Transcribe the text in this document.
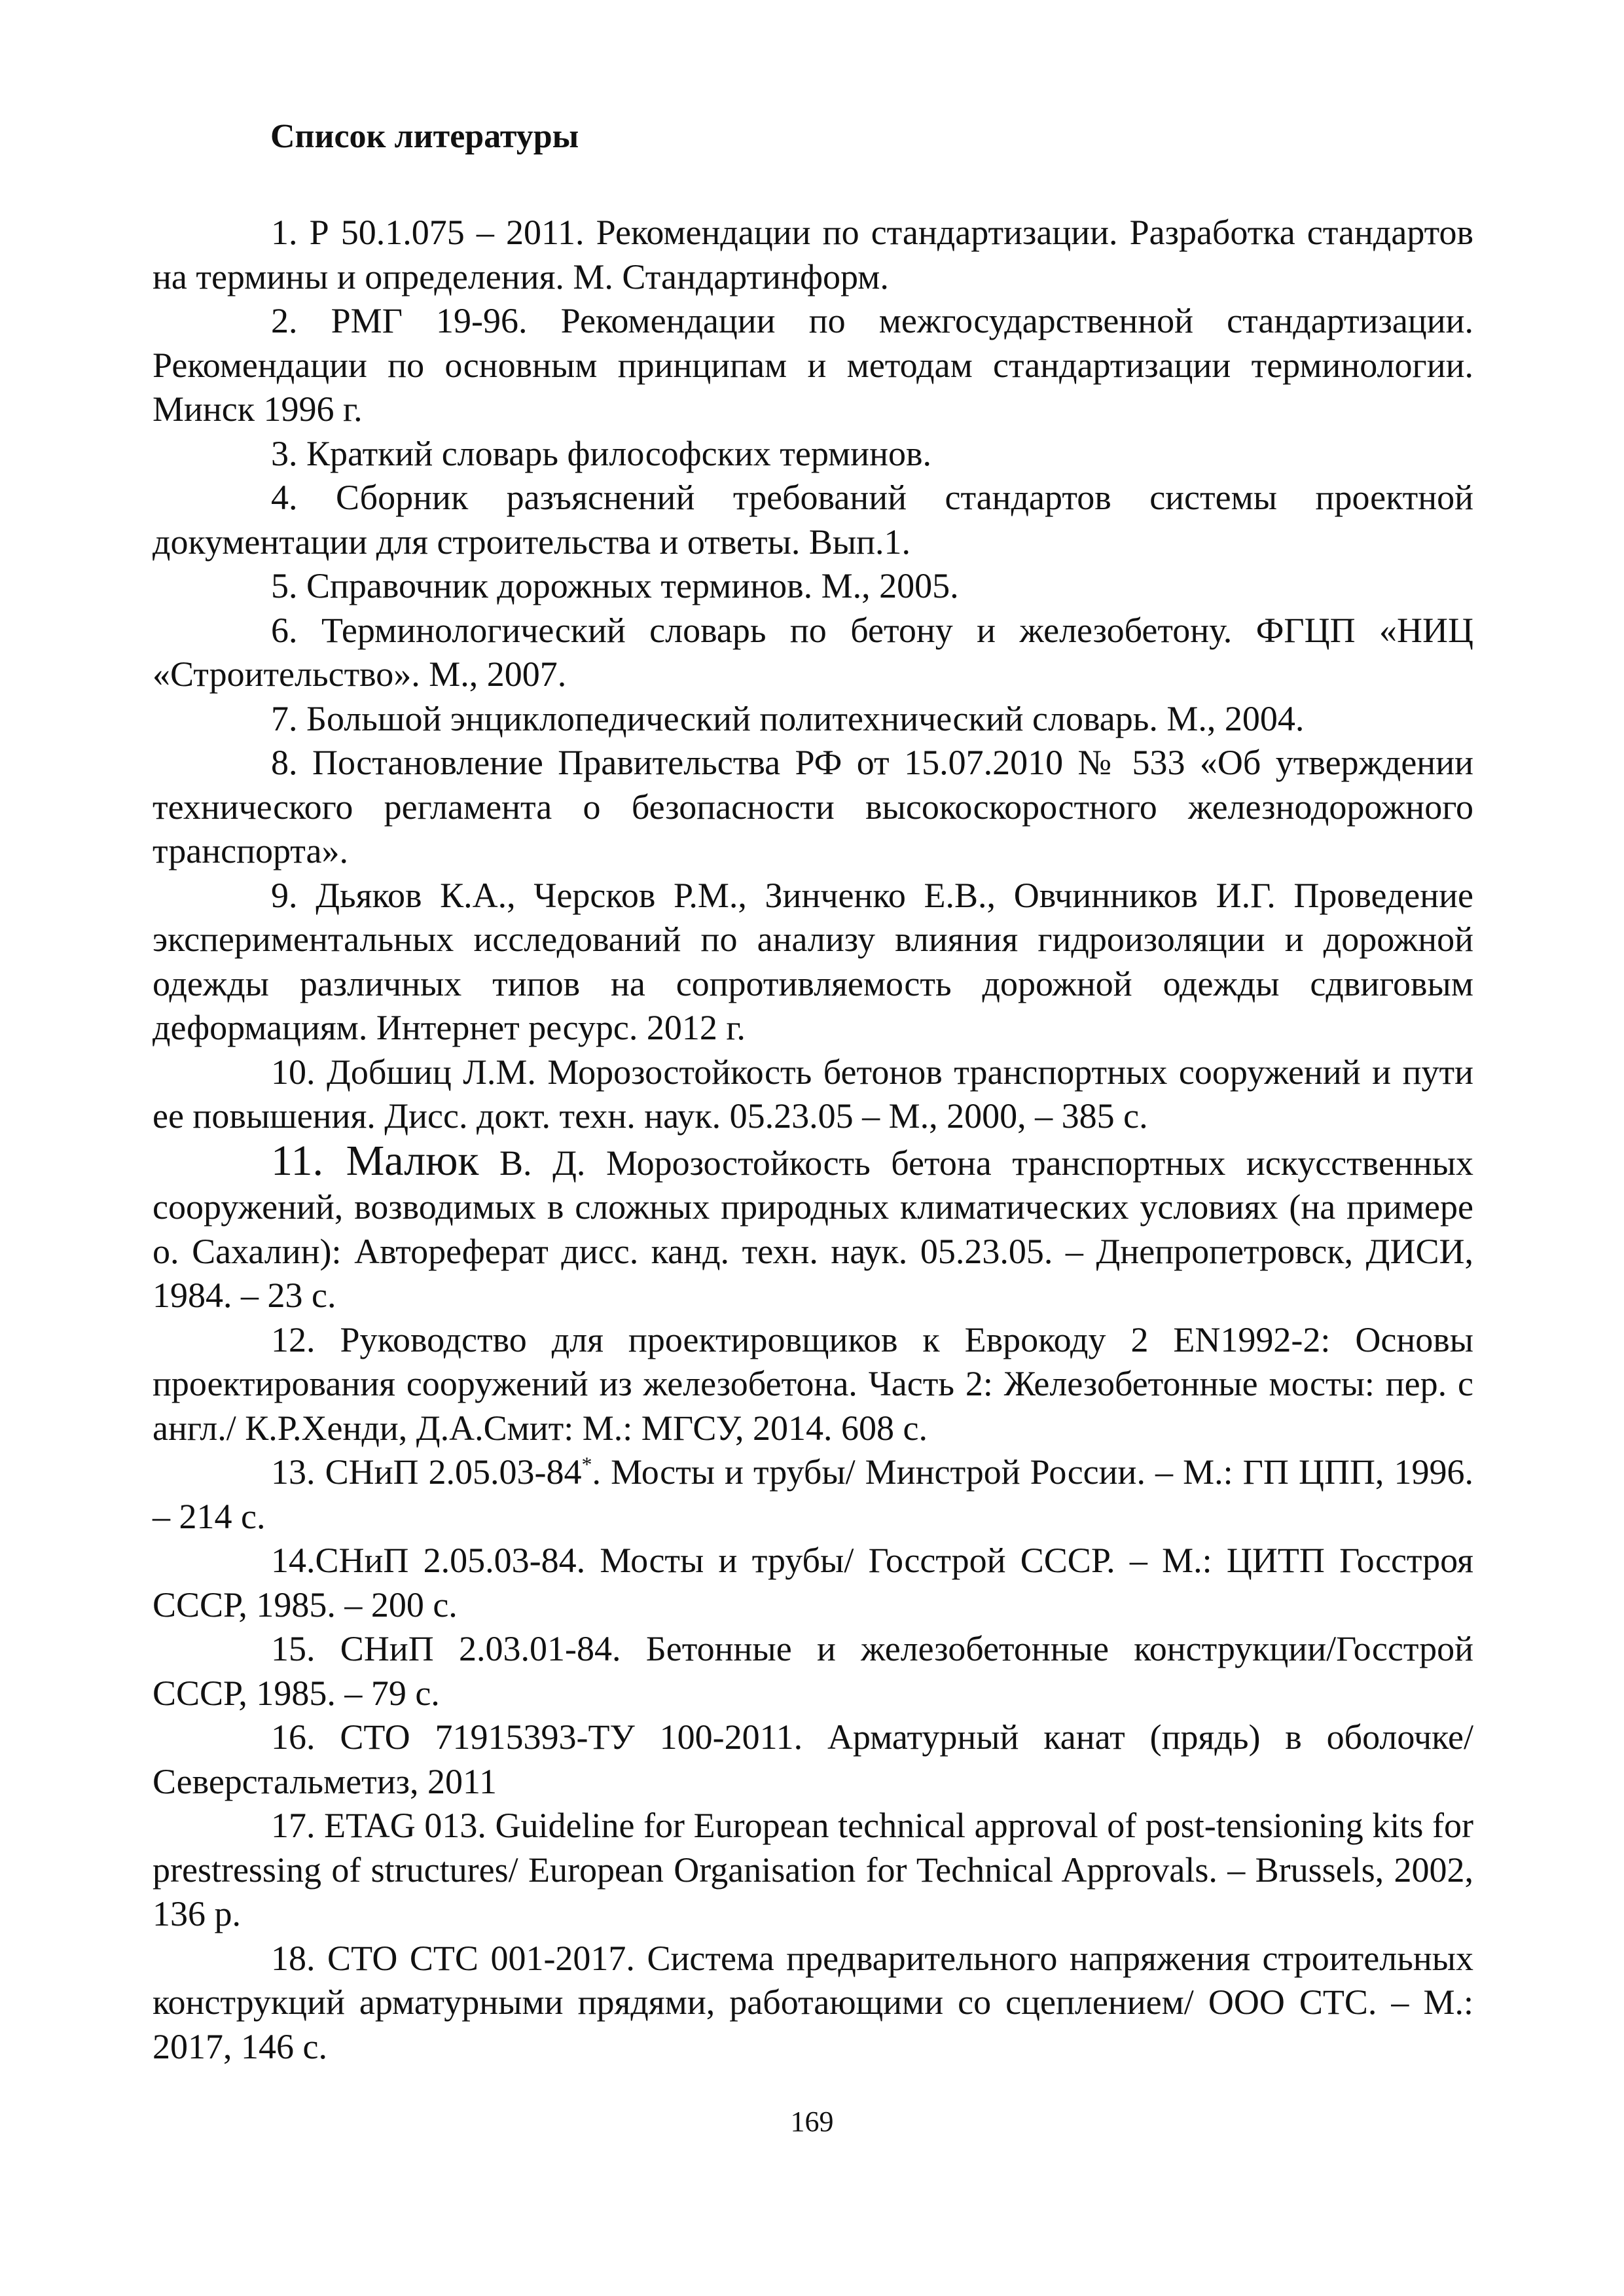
Список литературы
1. Р 50.1.075 – 2011. Рекомендации по стандартизации. Разработка стандартов на термины и определения. М. Стандартинформ.
2. РМГ 19-96. Рекомендации по межгосударственной стандартизации. Рекомендации по основным принципам и методам стандартизации терминологии. Минск 1996 г.
3. Краткий словарь философских терминов.
4. Сборник разъяснений требований стандартов системы проектной документации для строительства и ответы. Вып.1.
5. Справочник дорожных терминов. М., 2005.
6. Терминологический словарь по бетону и железобетону. ФГЦП «НИЦ «Строительство». М., 2007.
7. Большой энциклопедический политехнический словарь. М., 2004.
8. Постановление Правительства РФ от 15.07.2010 № 533 «Об утверждении технического регламента о безопасности высокоскоростного железнодорожного транспорта».
9. Дьяков К.А., Черсков Р.М., Зинченко Е.В., Овчинников И.Г. Проведение экспериментальных исследований по анализу влияния гидроизоляции и дорожной одежды различных типов на сопротивляемость дорожной одежды сдвиговым деформациям. Интернет ресурс. 2012 г.
10. Добшиц Л.М. Морозостойкость бетонов транспортных сооружений и пути ее повышения. Дисс. докт. техн. наук. 05.23.05 – М., 2000, – 385 с.
11. Малюк В. Д. Морозостойкость бетона транспортных искусственных сооружений, возводимых в сложных природных климатических условиях (на примере о. Сахалин): Автореферат дисс. канд. техн. наук. 05.23.05. – Днепропетровск, ДИСИ, 1984. – 23 с.
12. Руководство для проектировщиков к Еврокоду 2 EN1992-2: Основы проектирования сооружений из железобетона. Часть 2: Железобетонные мосты: пер. с англ./ К.Р.Хенди, Д.А.Смит: М.: МГСУ, 2014. 608 с.
13. СНиП 2.05.03-84*. Мосты и трубы/ Минстрой России. – М.: ГП ЦПП, 1996. – 214 с.
14.СНиП 2.05.03-84. Мосты и трубы/ Госстрой СССР. – М.: ЦИТП Госстроя СССР, 1985. – 200 с.
15. СНиП 2.03.01-84. Бетонные и железобетонные конструкции/Госстрой СССР, 1985. – 79 с.
16. СТО 71915393-ТУ 100-2011. Арматурный канат (прядь) в оболочке/ Северстальметиз, 2011
17. ETAG 013. Guideline for European technical approval of post-tensioning kits for prestressing of structures/ European Organisation for Technical Approvals. – Brussels, 2002, 136 p.
18. СТО СТС 001-2017. Система предварительного напряжения строительных конструкций арматурными прядями, работающими со сцеплением/ ООО СТС. – М.: 2017, 146 с.
169
